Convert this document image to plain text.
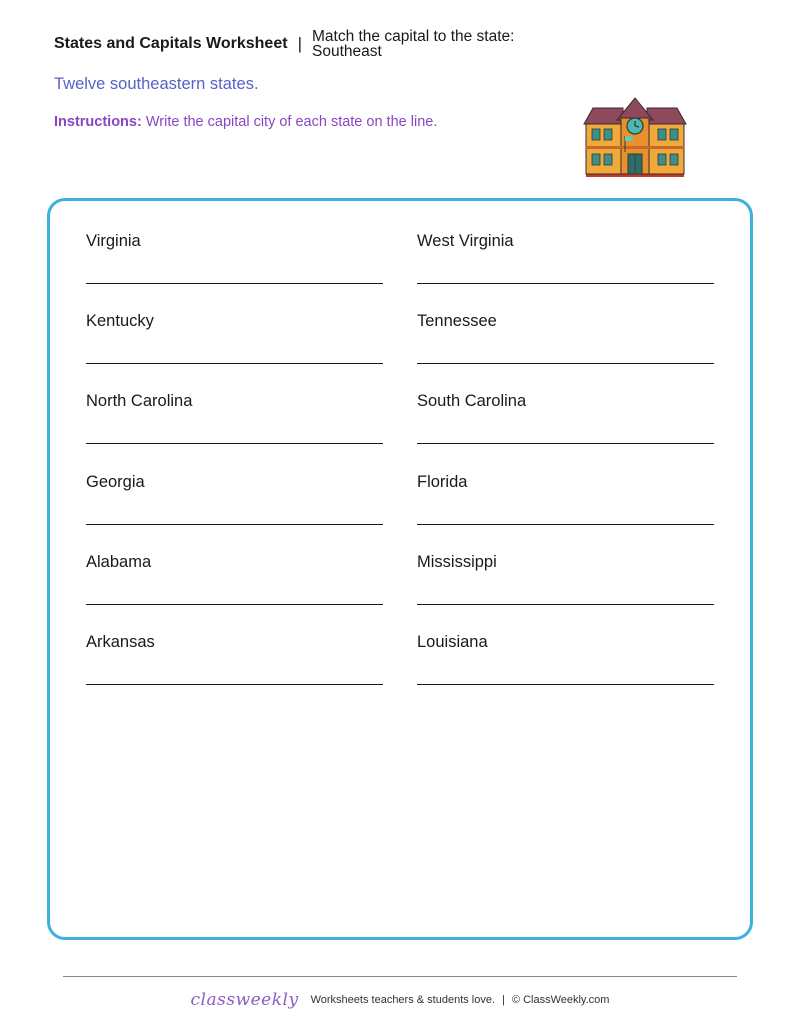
States and Capitals Worksheet | Match the capital to the state:
Southeast
Twelve southeastern states.
Instructions: Write the capital city of each state on the line.
Virginia	West Virginia
Kentucky	Tennessee
North Carolina	South Carolina
Georgia	Florida
Alabama	Mississippi
Arkansas	Louisiana
classweekly Worksheets teachers & students love. | © ClassWeekly.com
